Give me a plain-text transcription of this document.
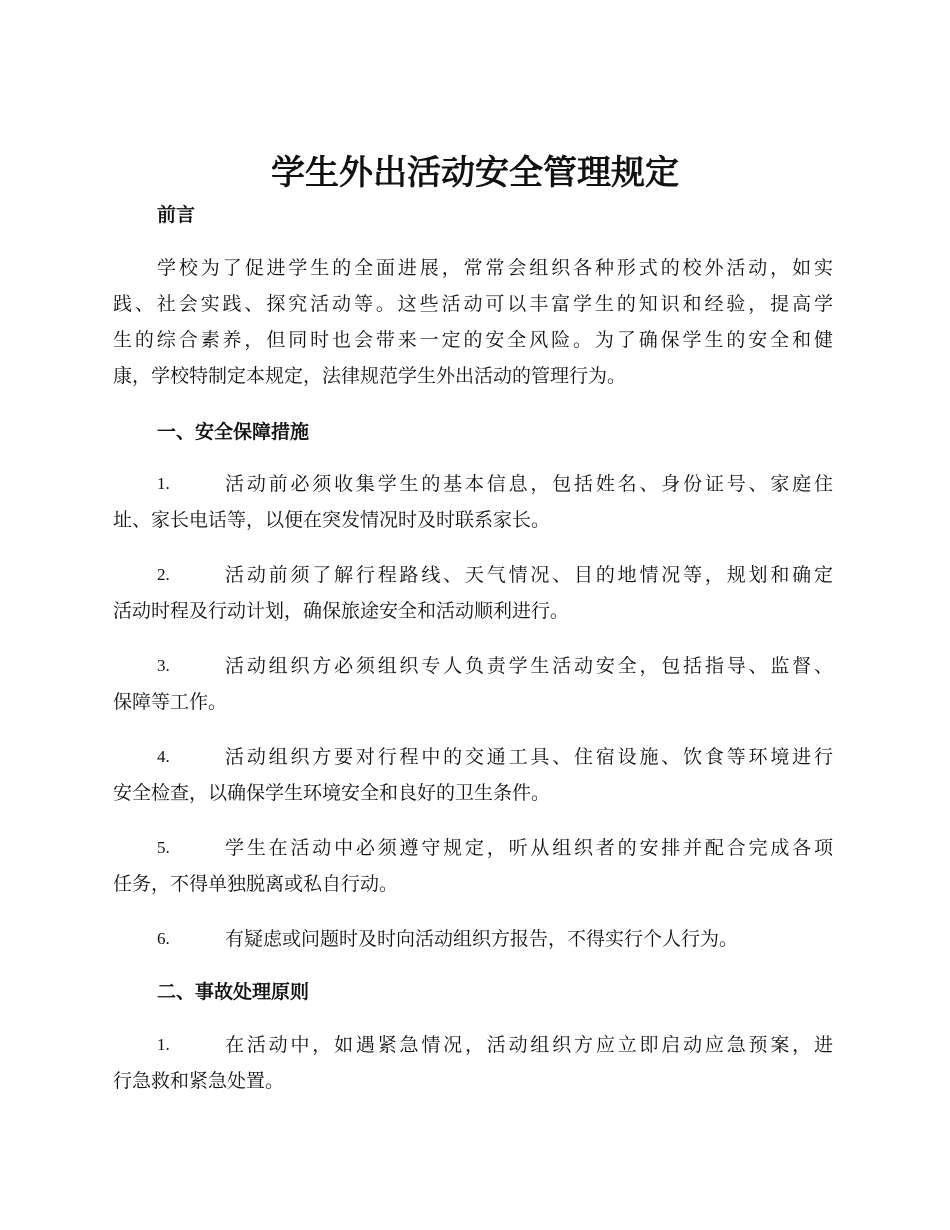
学生外出活动安全管理规定
前言
学校为了促进学生的全面进展，常常会组织各种形式的校外活动，如实
践、社会实践、探究活动等。这些活动可以丰富学生的知识和经验，提高学
生的综合素养，但同时也会带来一定的安全风险。为了确保学生的安全和健
康，学校特制定本规定，法律规范学生外出活动的管理行为。
一、安全保障措施
1.	活动前必须收集学生的基本信息，包括姓名、身份证号、家庭住
址、家长电话等，以便在突发情况时及时联系家长。
2.	活动前须了解行程路线、天气情况、目的地情况等，规划和确定
活动时程及行动计划，确保旅途安全和活动顺利进行。
3.	活动组织方必须组织专人负责学生活动安全，包括指导、监督、
保障等工作。
4.	活动组织方要对行程中的交通工具、住宿设施、饮食等环境进行
安全检查，以确保学生环境安全和良好的卫生条件。
5.	学生在活动中必须遵守规定，听从组织者的安排并配合完成各项
任务，不得单独脱离或私自行动。
6.	有疑虑或问题时及时向活动组织方报告，不得实行个人行为。
二、事故处理原则
1.	在活动中，如遇紧急情况，活动组织方应立即启动应急预案，进
行急救和紧急处置。
